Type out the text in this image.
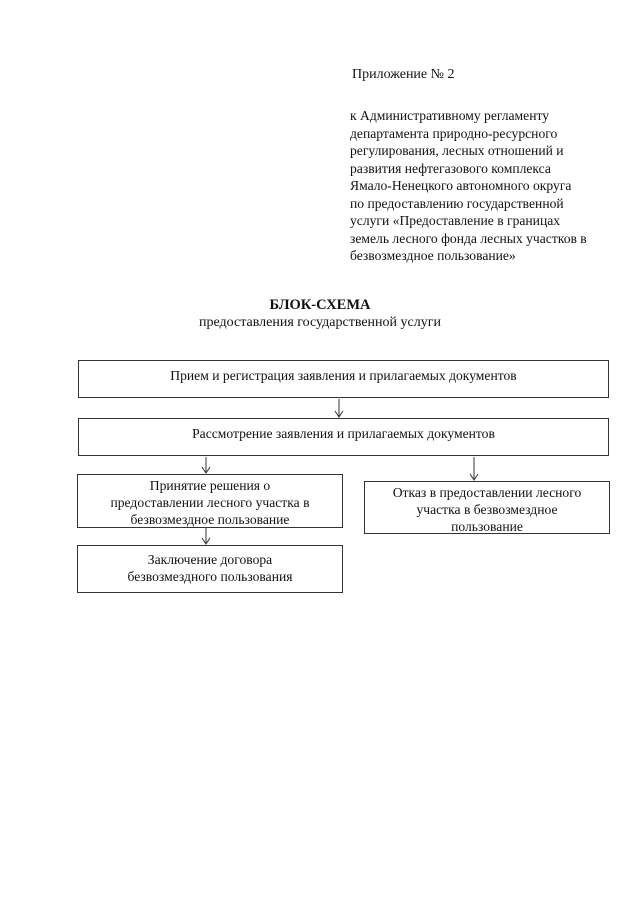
Приложение № 2
к Административному регламенту
департамента природно-ресурсного
регулирования, лесных отношений и
развития нефтегазового комплекса
Ямало-Ненецкого автономного округа
по предоставлению государственной
услуги «Предоставление в границах
земель лесного фонда лесных участков в
безвозмездное пользование»
БЛОК-СХЕМА
предоставления государственной услуги
Прием и регистрация заявления и прилагаемых документов
Рассмотрение заявления и прилагаемых документов
Принятие решения о
предоставлении лесного участка в
безвозмездное пользование
Отказ в предоставлении лесного
участка в безвозмездное
пользование
Заключение договора
безвозмездного пользования
